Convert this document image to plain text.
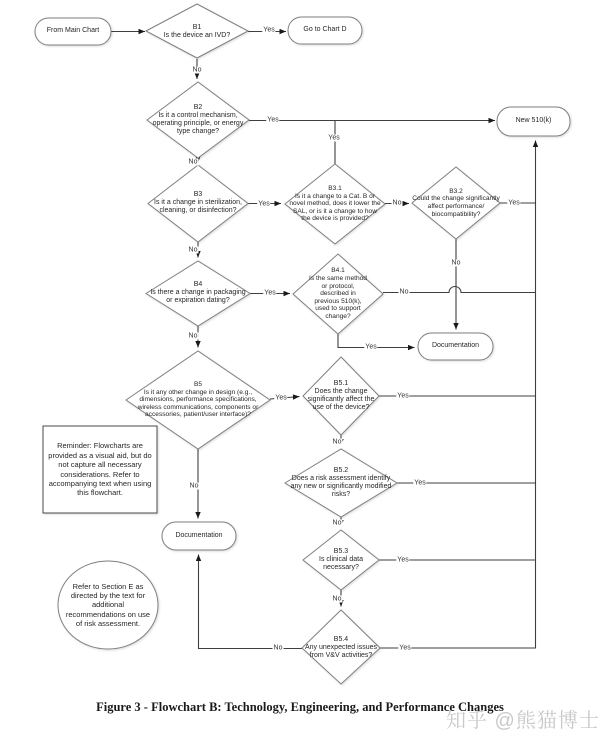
From Main Chart
B1
Is the device an IVD?
Go to Chart D
B2
Is it a control mechanism, operating principle, or energy type change?
New 510(k)
B3
Is it a change in sterilization, cleaning, or disinfection?
B3.1
Is it a change to a Cat. B or novel method, does it lower the SAL, or is it a change to how the device is provided?
B3.2
Could the change significantly affect performance/ biocompatibility?
B4
Is there a change in packaging or expiration dating?
B4.1
Is the same method or protocol, described in previous 510(k), used to support change?
Documentation
B5
Is it any other change in design (e.g., dimensions, performance specifications, wireless communications, components or accessories, patient/user interface)?
B5.1
Does the change significantly affect the use of the device?
B5.2
Does a risk assessment identify any new or significantly modified risks?
B5.3
Is clinical data necessary?
B5.4
Any unexpected issues from V&V activities?
Reminder: Flowcharts are provided as a visual aid, but do not capture all necessary considerations. Refer to accompanying text when using this flowchart.
Documentation
Refer to Section E as directed by the text for additional recommendations on use of risk assessment.
Yes
No
Yes
Yes
No
Yes	No	Yes
No
No
Yes	No
Yes
No
Yes	Yes
No
Yes
No
Yes
No
Yes
No
No
Figure 3 - Flowchart B: Technology, Engineering, and Performance Changes
知乎 @熊猫博士
